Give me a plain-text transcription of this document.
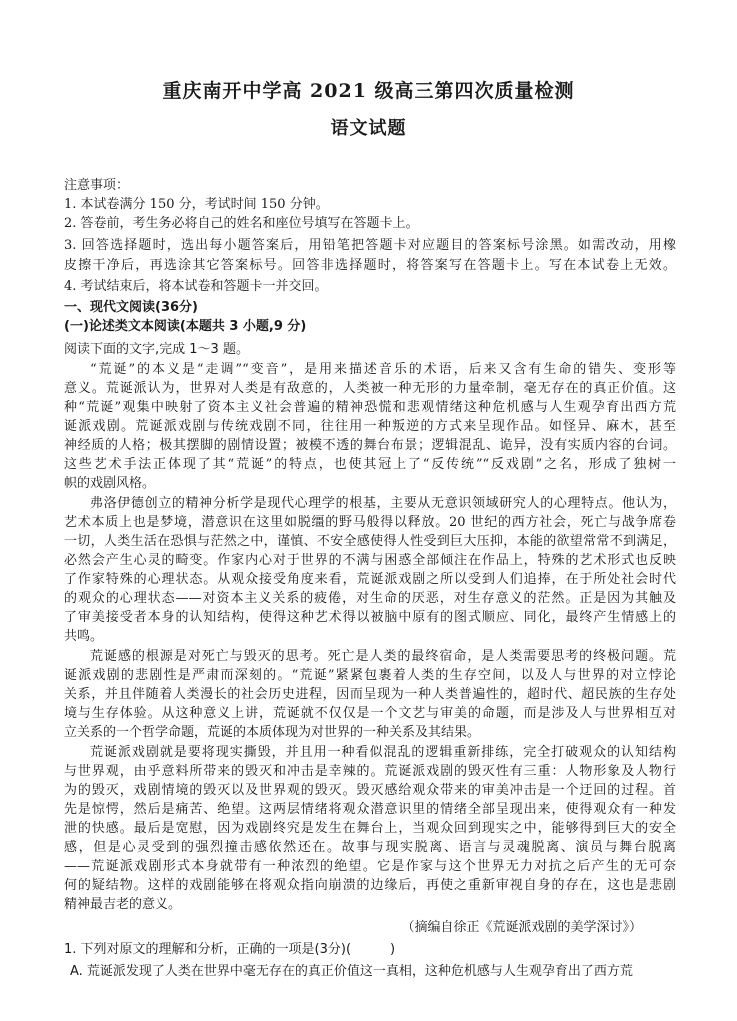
重庆南开中学高 2021 级高三第四次质量检测
语文试题
注意事项：
1. 本试卷满分 150 分，考试时间 150 分钟。
2. 答卷前，考生务必将自己的姓名和座位号填写在答题卡上。
3. 回答选择题时，选出每小题答案后，用铅笔把答题卡对应题目的答案标号涂黑。如需改动，用橡
皮擦干净后，再选涂其它答案标号。回答非选择题时，将答案写在答题卡上。写在本试卷上无效。
4. 考试结束后，将本试卷和答题卡一并交回。
一、现代文阅读(36分)
(一)论述类文本阅读(本题共 3 小题,9 分)
阅读下面的文字,完成 1～3 题。
“荒诞”的本义是“走调”“变音”，是用来描述音乐的术语，后来又含有生命的错失、变形等
意义。荒诞派认为，世界对人类是有敌意的，人类被一种无形的力量牵制，毫无存在的真正价值。这
种“荒诞”观集中映射了资本主义社会普遍的精神恐慌和悲观情绪这种危机感与人生观孕育出西方荒
诞派戏剧。荒诞派戏剧与传统戏剧不同，往往用一种叛逆的方式来呈现作品。如怪异、麻木，甚至
神经质的人格；极其摆脚的剧情设置；被模不透的舞台布景；逻辑混乱、诡异，没有实质内容的台词。
这些艺术手法正体现了其“荒诞”的特点，也使其冠上了“反传统”“反戏剧”之名，形成了独树一
帜的戏剧风格。
弗洛伊德创立的精神分析学是现代心理学的根基，主要从无意识领域研究人的心理特点。他认为，
艺术本质上也是梦境，潜意识在这里如脱缰的野马般得以释放。20 世纪的西方社会，死亡与战争席卷
一切，人类生活在恐惧与茫然之中，谨慎、不安全感使得人性受到巨大压抑，本能的欲望常常不到满足，
必然会产生心灵的畸变。作家内心对于世界的不满与困惑全部倾注在作品上，特殊的艺术形式也反映
了作家特殊的心理状态。从观众接受角度来看，荒诞派戏剧之所以受到人们追捧，在于所处社会时代
的观众的心理状态——对资本主义关系的疲倦，对生命的厌恶，对生存意义的茫然。正是因为其触及
了审美接受者本身的认知结构，使得这种艺术得以被脑中原有的图式顺应、同化，最终产生情感上的
共鸣。
荒诞感的根源是对死亡与毁灭的思考。死亡是人类的最终宿命，是人类需要思考的终极问题。荒
诞派戏剧的悲剧性是严肃而深刻的。“荒诞”紧紧包裹着人类的生存空间，以及人与世界的对立悖论
关系，并且伴随着人类漫长的社会历史进程，因而呈现为一种人类普遍性的，超时代、超民族的生存处
境与生存体验。从这种意义上讲，荒诞就不仅仅是一个文艺与审美的命题，而是涉及人与世界相互对
立关系的一个哲学命题，荒诞的本质体现为对世界的一种关系及其结果。
荒诞派戏剧就是要将现实撕毁，并且用一种看似混乱的逻辑重新排练，完全打破观众的认知结构
与世界观，由乎意料所带来的毁灭和冲击是幸辣的。荒诞派戏剧的毁灭性有三重：人物形象及人物行
为的毁灭，戏剧情境的毁灭以及世界观的毁灭。毁灭感给观众带来的审美冲击是一个迂回的过程。首
先是惊愕，然后是痛苦、绝望。这两层情绪将观众潜意识里的情绪全部呈现出来，使得观众有一种发
泄的快感。最后是宽慰，因为戏剧终究是发生在舞台上，当观众回到现实之中，能够得到巨大的安全
感，但是心灵受到的强烈撞击感依然还在。故事与现实脱离、语言与灵魂脱离、演员与舞台脱离
——荒诞派戏剧形式本身就带有一种浓烈的绝望。它是作家与这个世界无力对抗之后产生的无可奈
何的疑结物。这样的戏剧能够在将观众指向崩溃的边缘后，再使之重新审视自身的存在，这也是悲剧
精神最吉老的意义。
（摘编自徐正《荒诞派戏剧的美学深讨》）
1. 下列对原文的理解和分析，正确的一项是(3分)(　　　)
A. 荒诞派发现了人类在世界中毫无存在的真正价值这一真相，这种危机感与人生观孕育出了西方荒
